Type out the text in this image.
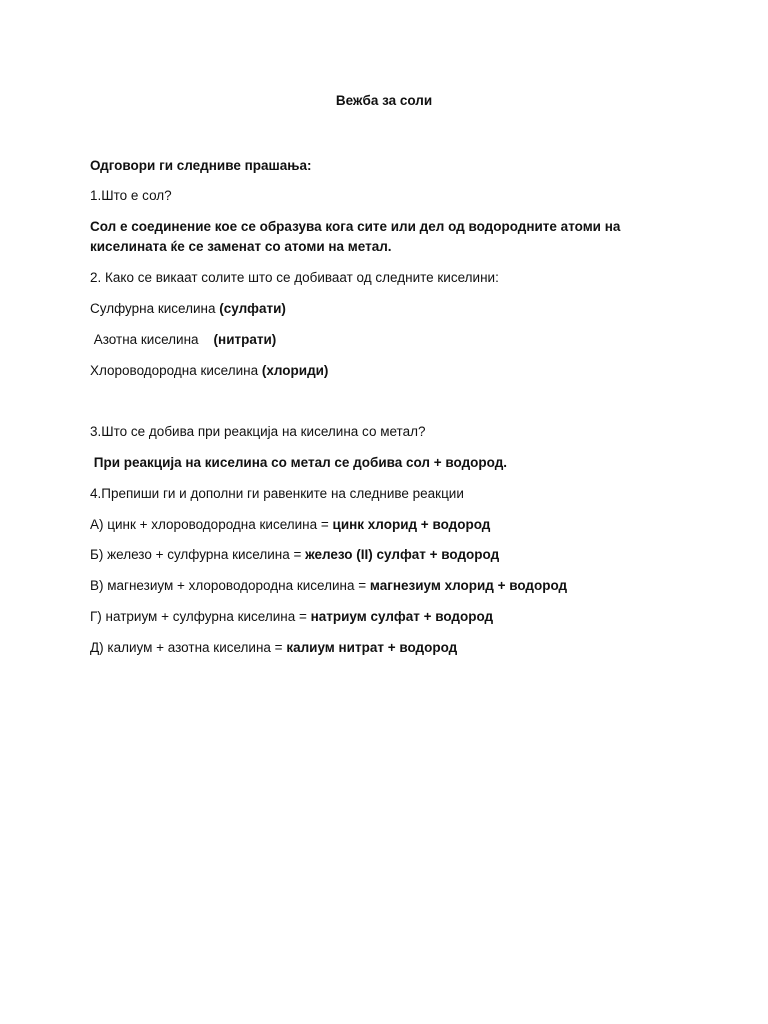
Вежба за соли
Одговори ги следниве прашања:
1.Што е сол?
Сол е соединение кое се образува кога сите или дел од водородните атоми на
киселината ќе се заменат со атоми на метал.
2. Како се викаат солите што се добиваат од следните киселини:
Сулфурна киселина (сулфати)
Азотна киселина    (нитрати)
Хлороводородна киселина (хлориди)
3.Што се добива при реакција на киселина со метал?
При реакција на киселина со метал се добива сол + водород.
4.Препиши ги и дополни ги равенките на следниве реакции
А) цинк + хлороводородна киселина = цинк хлорид + водород
Б) железо + сулфурна киселина = железо (II) сулфат + водород
В) магнезиум + хлороводородна киселина = магнезиум хлорид + водород
Г) натриум + сулфурна киселина = натриум сулфат + водород
Д) калиум + азотна киселина = калиум нитрат + водород
